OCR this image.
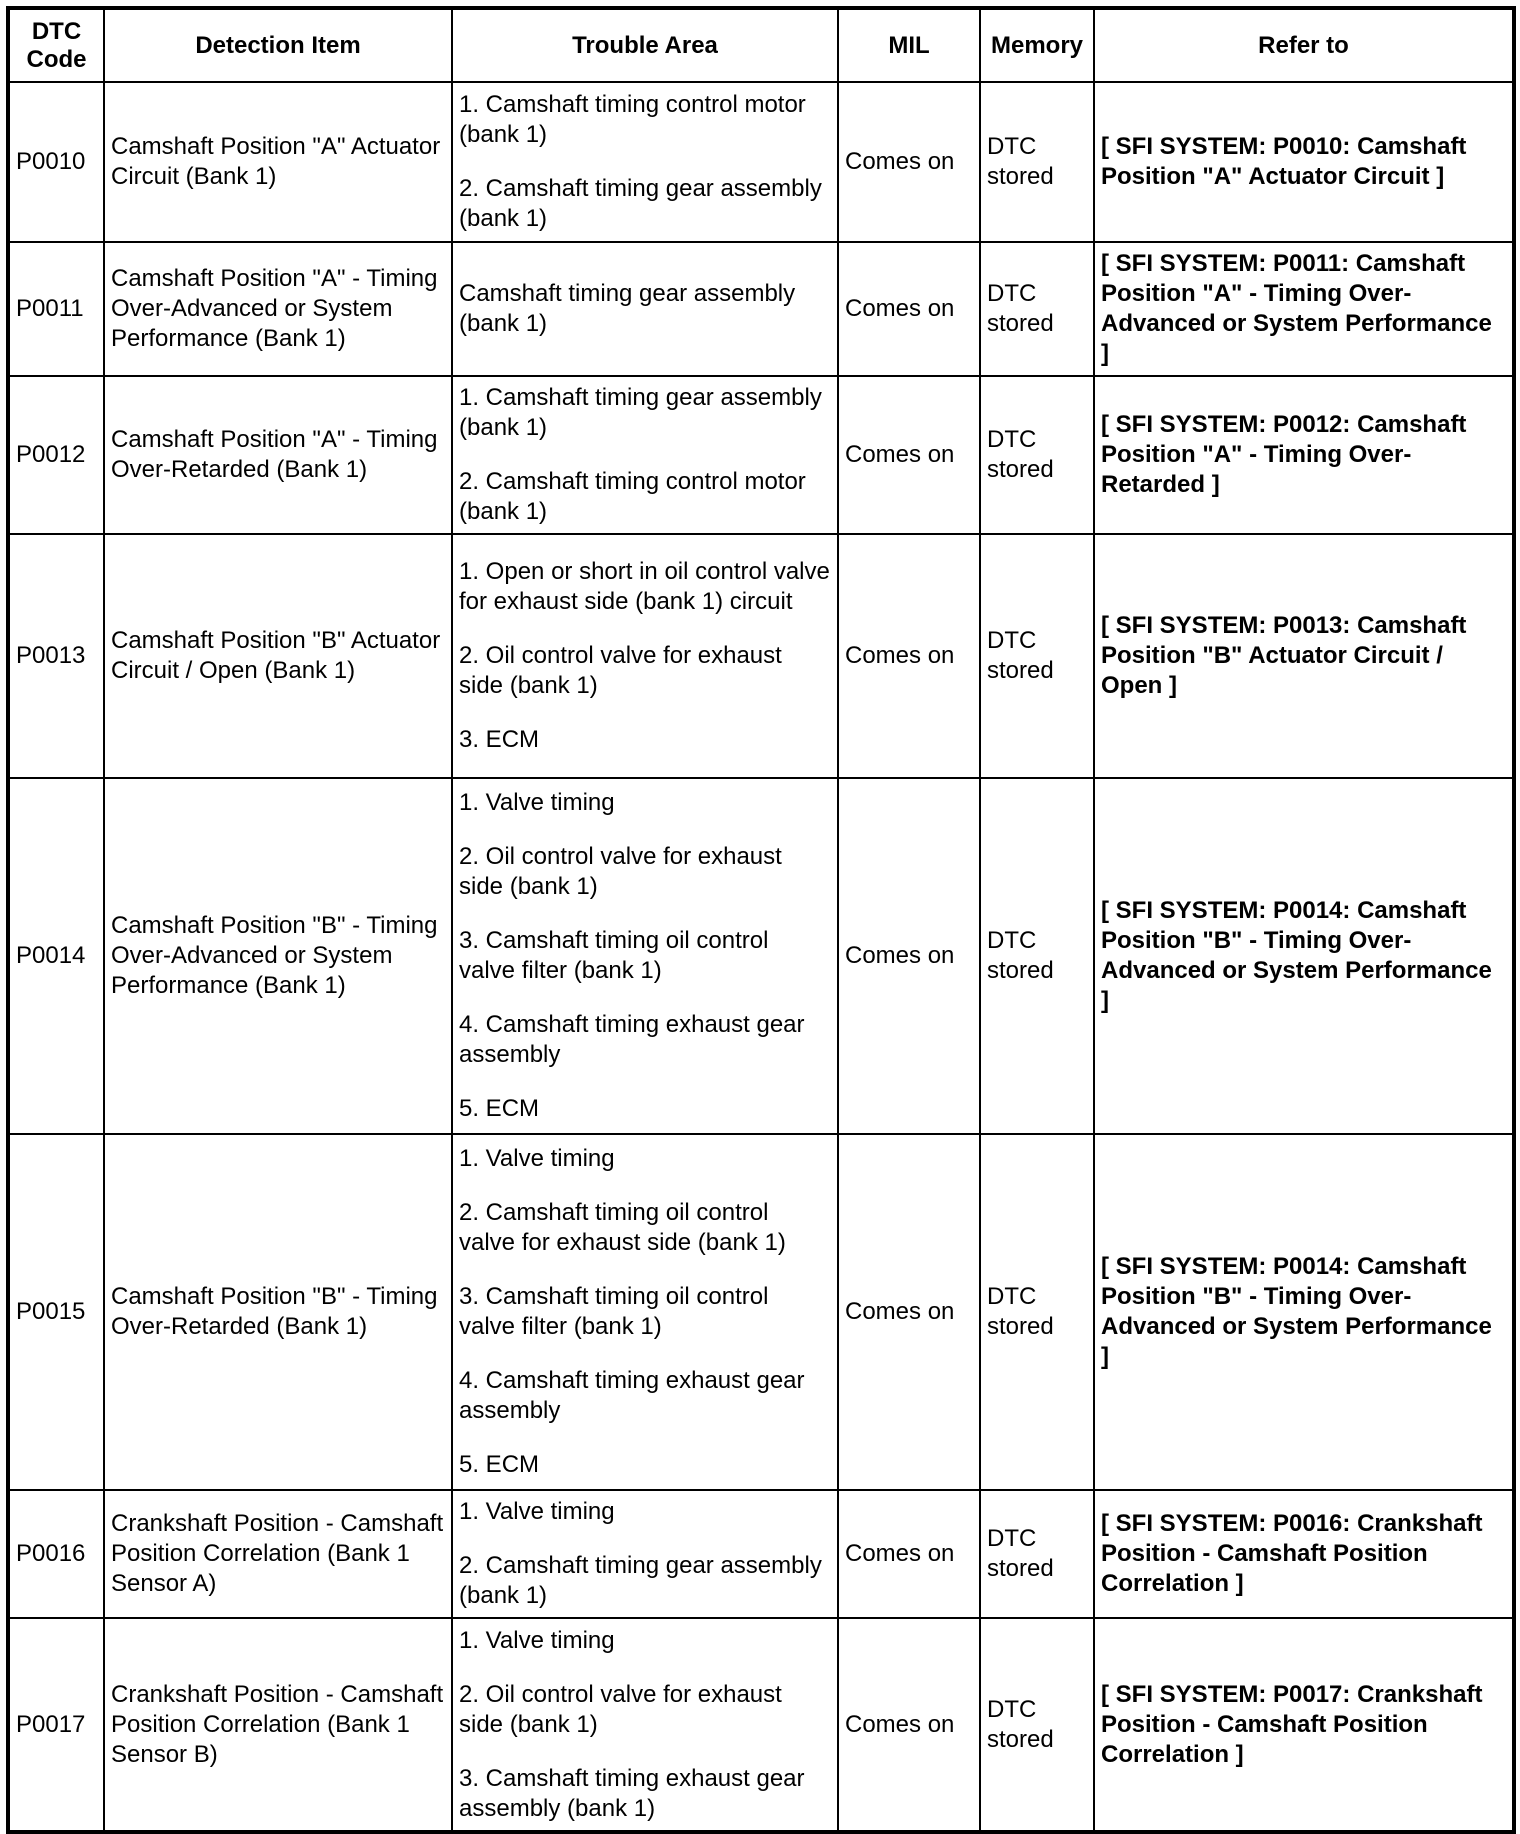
DTC Code	Detection Item	Trouble Area	MIL	Memory	Refer to
P0010	Camshaft Position "A" Actuator Circuit (Bank 1)	1. Camshaft timing control motor (bank 1)
2. Camshaft timing gear assembly (bank 1)	Comes on	DTC stored	[ SFI SYSTEM: P0010: Camshaft Position "A" Actuator Circuit ]
P0011	Camshaft Position "A" - Timing Over-Advanced or System Performance (Bank 1)	Camshaft timing gear assembly (bank 1)	Comes on	DTC stored	[ SFI SYSTEM: P0011: Camshaft Position "A" - Timing Over-Advanced or System Performance ]
P0012	Camshaft Position "A" - Timing Over-Retarded (Bank 1)	1. Camshaft timing gear assembly (bank 1)
2. Camshaft timing control motor (bank 1)	Comes on	DTC stored	[ SFI SYSTEM: P0012: Camshaft Position "A" - Timing Over-Retarded ]
P0013	Camshaft Position "B" Actuator Circuit / Open (Bank 1)	1. Open or short in oil control valve for exhaust side (bank 1) circuit
2. Oil control valve for exhaust side (bank 1)
3. ECM	Comes on	DTC stored	[ SFI SYSTEM: P0013: Camshaft Position "B" Actuator Circuit / Open ]
P0014	Camshaft Position "B" - Timing Over-Advanced or System Performance (Bank 1)	1. Valve timing
2. Oil control valve for exhaust side (bank 1)
3. Camshaft timing oil control valve filter (bank 1)
4. Camshaft timing exhaust gear assembly
5. ECM	Comes on	DTC stored	[ SFI SYSTEM: P0014: Camshaft Position "B" - Timing Over-Advanced or System Performance ]
P0015	Camshaft Position "B" - Timing Over-Retarded (Bank 1)	1. Valve timing
2. Camshaft timing oil control valve for exhaust side (bank 1)
3. Camshaft timing oil control valve filter (bank 1)
4. Camshaft timing exhaust gear assembly
5. ECM	Comes on	DTC stored	[ SFI SYSTEM: P0014: Camshaft Position "B" - Timing Over-Advanced or System Performance ]
P0016	Crankshaft Position - Camshaft Position Correlation (Bank 1 Sensor A)	1. Valve timing
2. Camshaft timing gear assembly (bank 1)	Comes on	DTC stored	[ SFI SYSTEM: P0016: Crankshaft Position - Camshaft Position Correlation ]
P0017	Crankshaft Position - Camshaft Position Correlation (Bank 1 Sensor B)	1. Valve timing
2. Oil control valve for exhaust side (bank 1)
3. Camshaft timing exhaust gear assembly (bank 1)	Comes on	DTC stored	[ SFI SYSTEM: P0017: Crankshaft Position - Camshaft Position Correlation ]
